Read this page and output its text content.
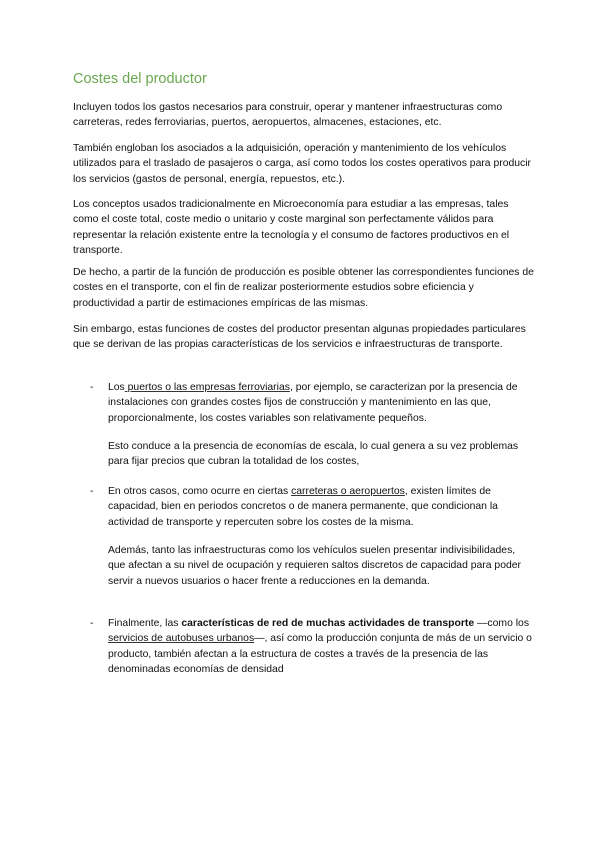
Costes del productor

Incluyen todos los gastos necesarios para construir, operar y mantener infraestructuras como carreteras, redes ferroviarias, puertos, aeropuertos, almacenes, estaciones, etc.

También engloban los asociados a la adquisición, operación y mantenimiento de los vehículos utilizados para el traslado de pasajeros o carga, así como todos los costes operativos para producir los servicios (gastos de personal, energía, repuestos, etc.).

Los conceptos usados tradicionalmente en Microeconomía para estudiar a las empresas, tales como el coste total, coste medio o unitario y coste marginal son perfectamente válidos para representar la relación existente entre la tecnología y el consumo de factores productivos en el transporte.

De hecho, a partir de la función de producción es posible obtener las correspondientes funciones de costes en el transporte, con el fin de realizar posteriormente estudios sobre eficiencia y productividad a partir de estimaciones empíricas de las mismas.

Sin embargo, estas funciones de costes del productor presentan algunas propiedades particulares que se derivan de las propias características de los servicios e infraestructuras de transporte.

- Los puertos o las empresas ferroviarias, por ejemplo, se caracterizan por la presencia de instalaciones con grandes costes fijos de construcción y mantenimiento en las que, proporcionalmente, los costes variables son relativamente pequeños.

Esto conduce a la presencia de economías de escala, lo cual genera a su vez problemas para fijar precios que cubran la totalidad de los costes,

- En otros casos, como ocurre en ciertas carreteras o aeropuertos, existen límites de capacidad, bien en periodos concretos o de manera permanente, que condicionan la actividad de transporte y repercuten sobre los costes de la misma.

Además, tanto las infraestructuras como los vehículos suelen presentar indivisibilidades, que afectan a su nivel de ocupación y requieren saltos discretos de capacidad para poder servir a nuevos usuarios o hacer frente a reducciones en la demanda.

- Finalmente, las características de red de muchas actividades de transporte —como los servicios de autobuses urbanos—, así como la producción conjunta de más de un servicio o producto, también afectan a la estructura de costes a través de la presencia de las denominadas economías de densidad
